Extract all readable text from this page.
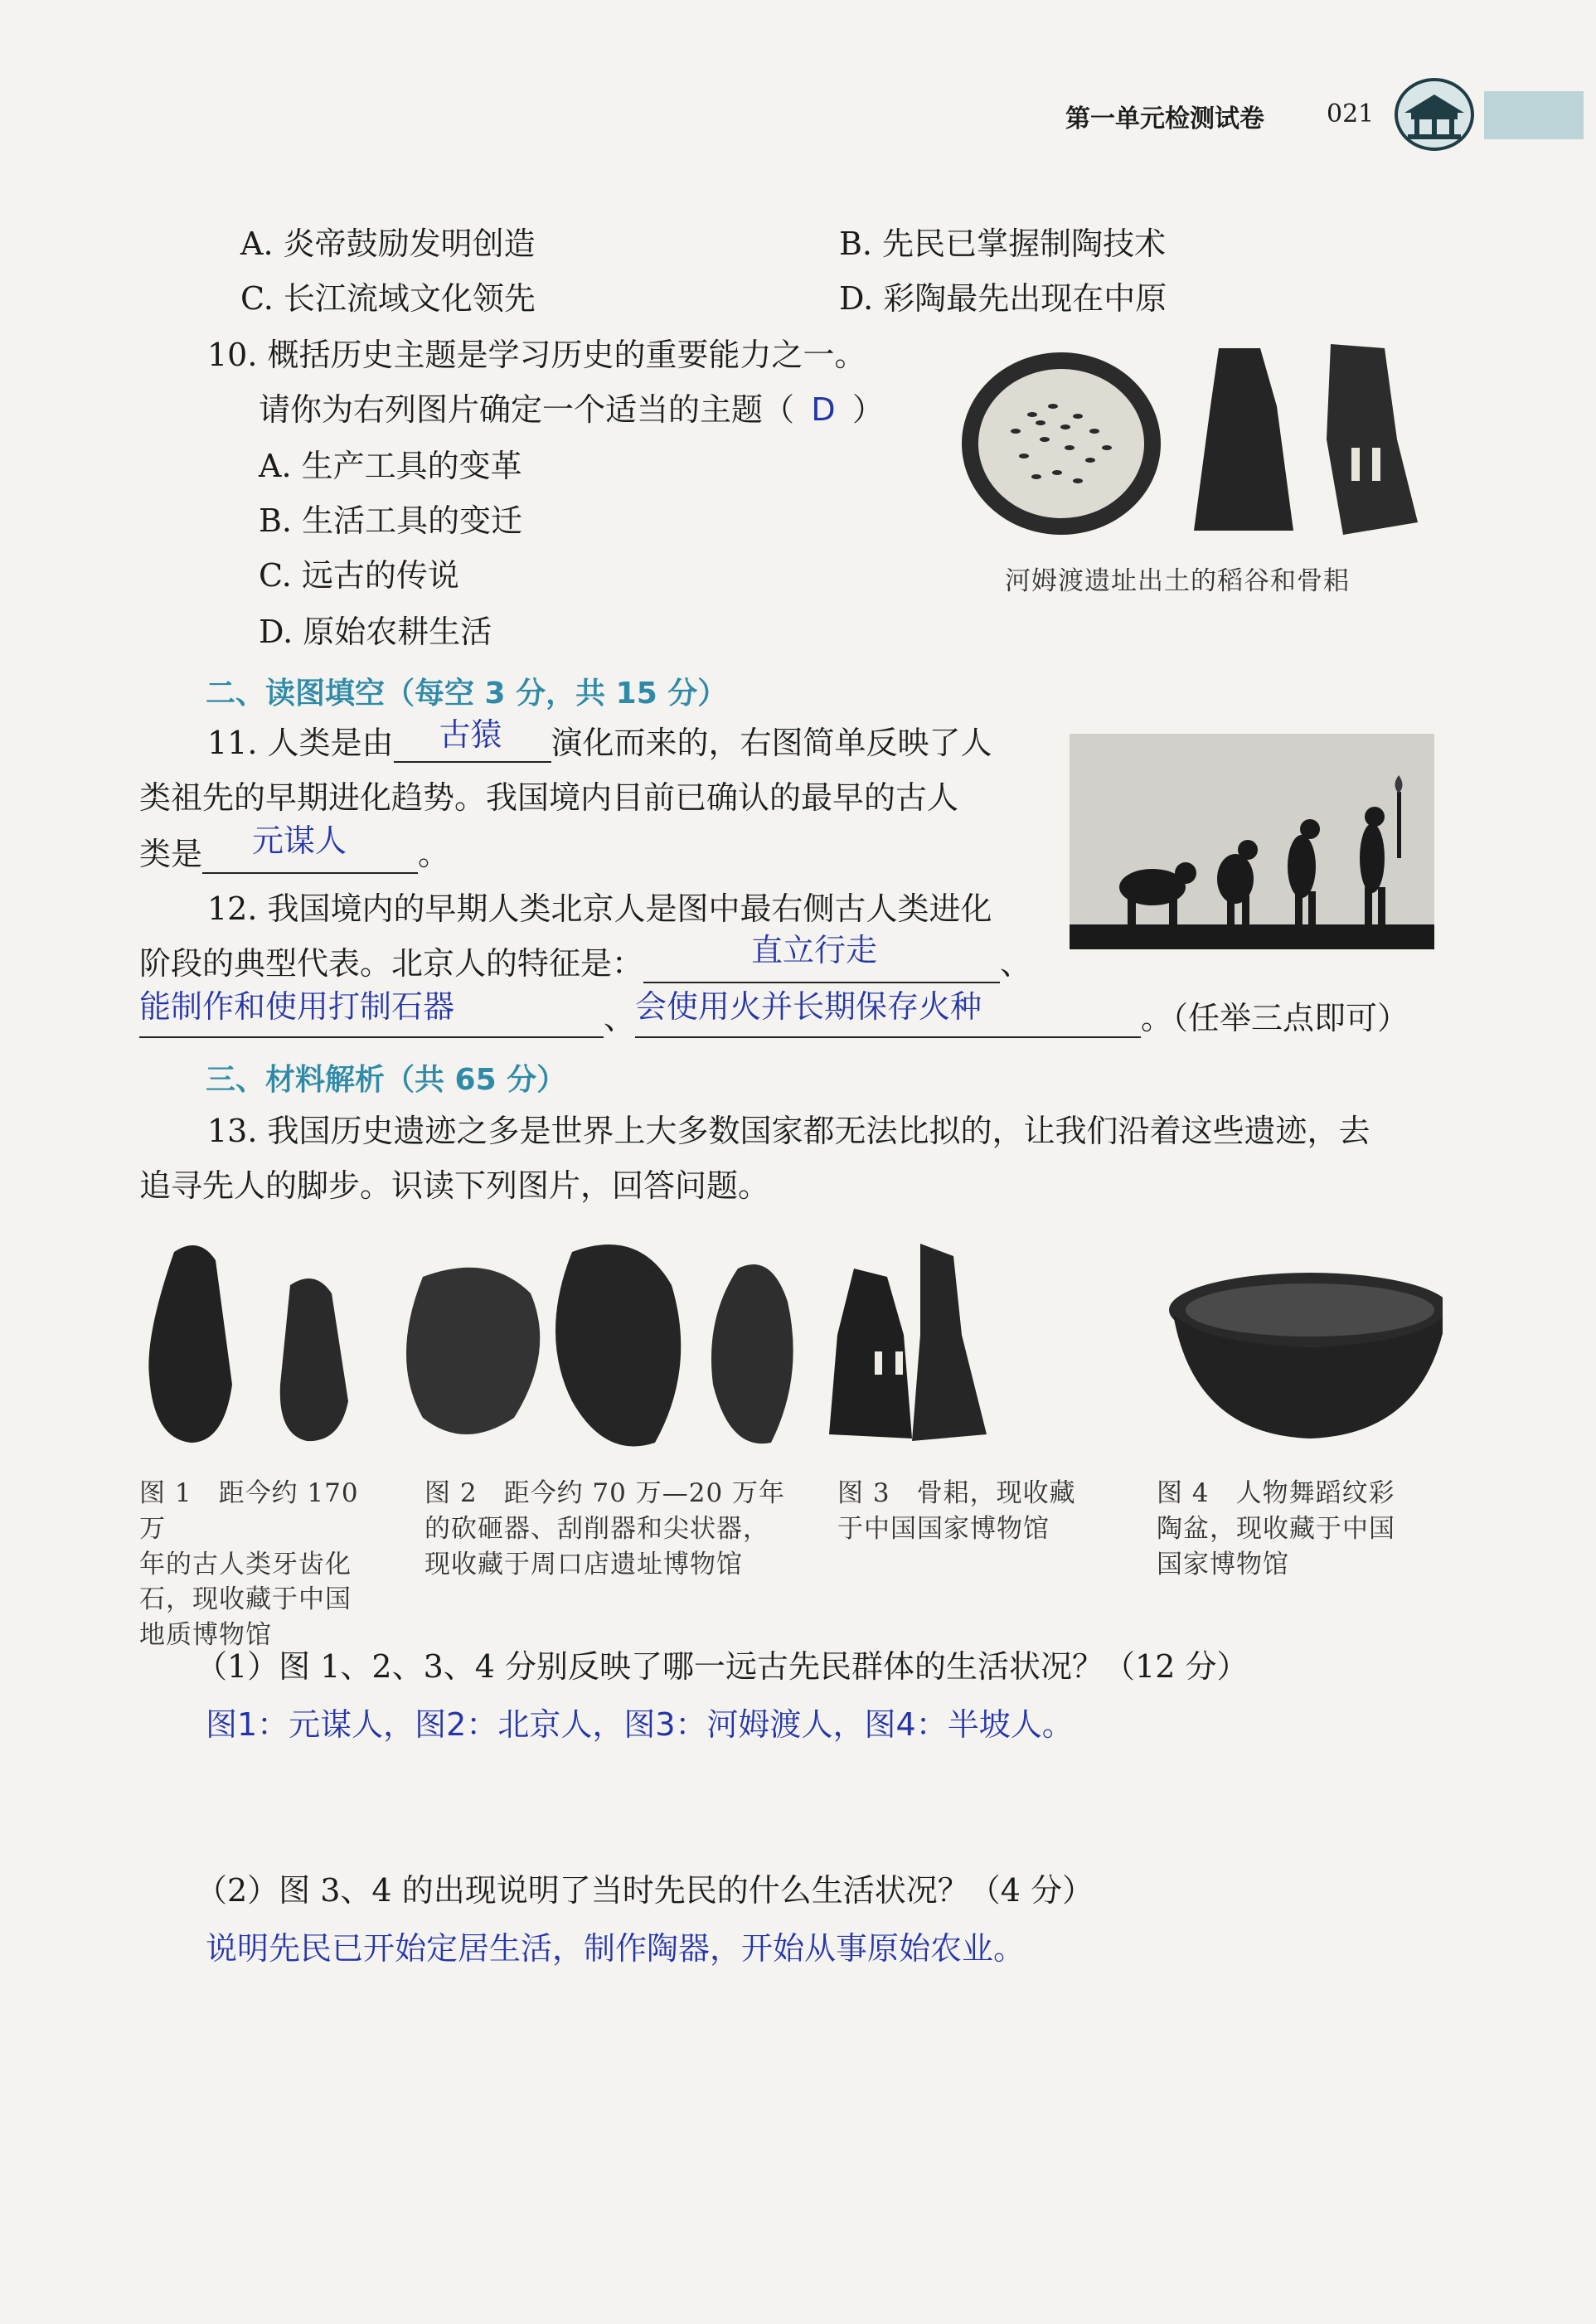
第一单元检测试卷	021
A. 炎帝鼓励发明创造	B. 先民已掌握制陶技术
C. 长江流域文化领先	D. 彩陶最先出现在中原
10. 概括历史主题是学习历史的重要能力之一。
请你为右列图片确定一个适当的主题（ D ）
A. 生产工具的变革
B. 生活工具的变迁
C. 远古的传说
D. 原始农耕生活
河姆渡遗址出土的稻谷和骨耜
二、读图填空（每空 3 分，共 15 分）
11. 人类是由 古猿 演化而来的，右图简单反映了人
类祖先的早期进化趋势。我国境内目前已确认的最早的古人
类是 元谋人 。
12. 我国境内的早期人类北京人是图中最右侧古人类进化
阶段的典型代表。北京人的特征是：	直立行走	、
能制作和使用打制石器	、 会使用火并长期保存火种	。（任举三点即可）
三、材料解析（共 65 分）
13. 我国历史遗迹之多是世界上大多数国家都无法比拟的，让我们沿着这些遗迹，去
追寻先人的脚步。识读下列图片，回答问题。
图 1　距今约 170 万
年的古人类牙齿化
石，现收藏于中国
地质博物馆
图 2　距今约 70 万—20 万年
的砍砸器、刮削器和尖状器，
现收藏于周口店遗址博物馆
图 3　骨耜，现收藏
于中国国家博物馆
图 4　人物舞蹈纹彩
陶盆，现收藏于中国
国家博物馆
（1）图 1、2、3、4 分别反映了哪一远古先民群体的生活状况？（12 分）
图1：元谋人，图2：北京人，图3：河姆渡人，图4：半坡人。
（2）图 3、4 的出现说明了当时先民的什么生活状况？（4 分）
说明先民已开始定居生活，制作陶器，开始从事原始农业。
